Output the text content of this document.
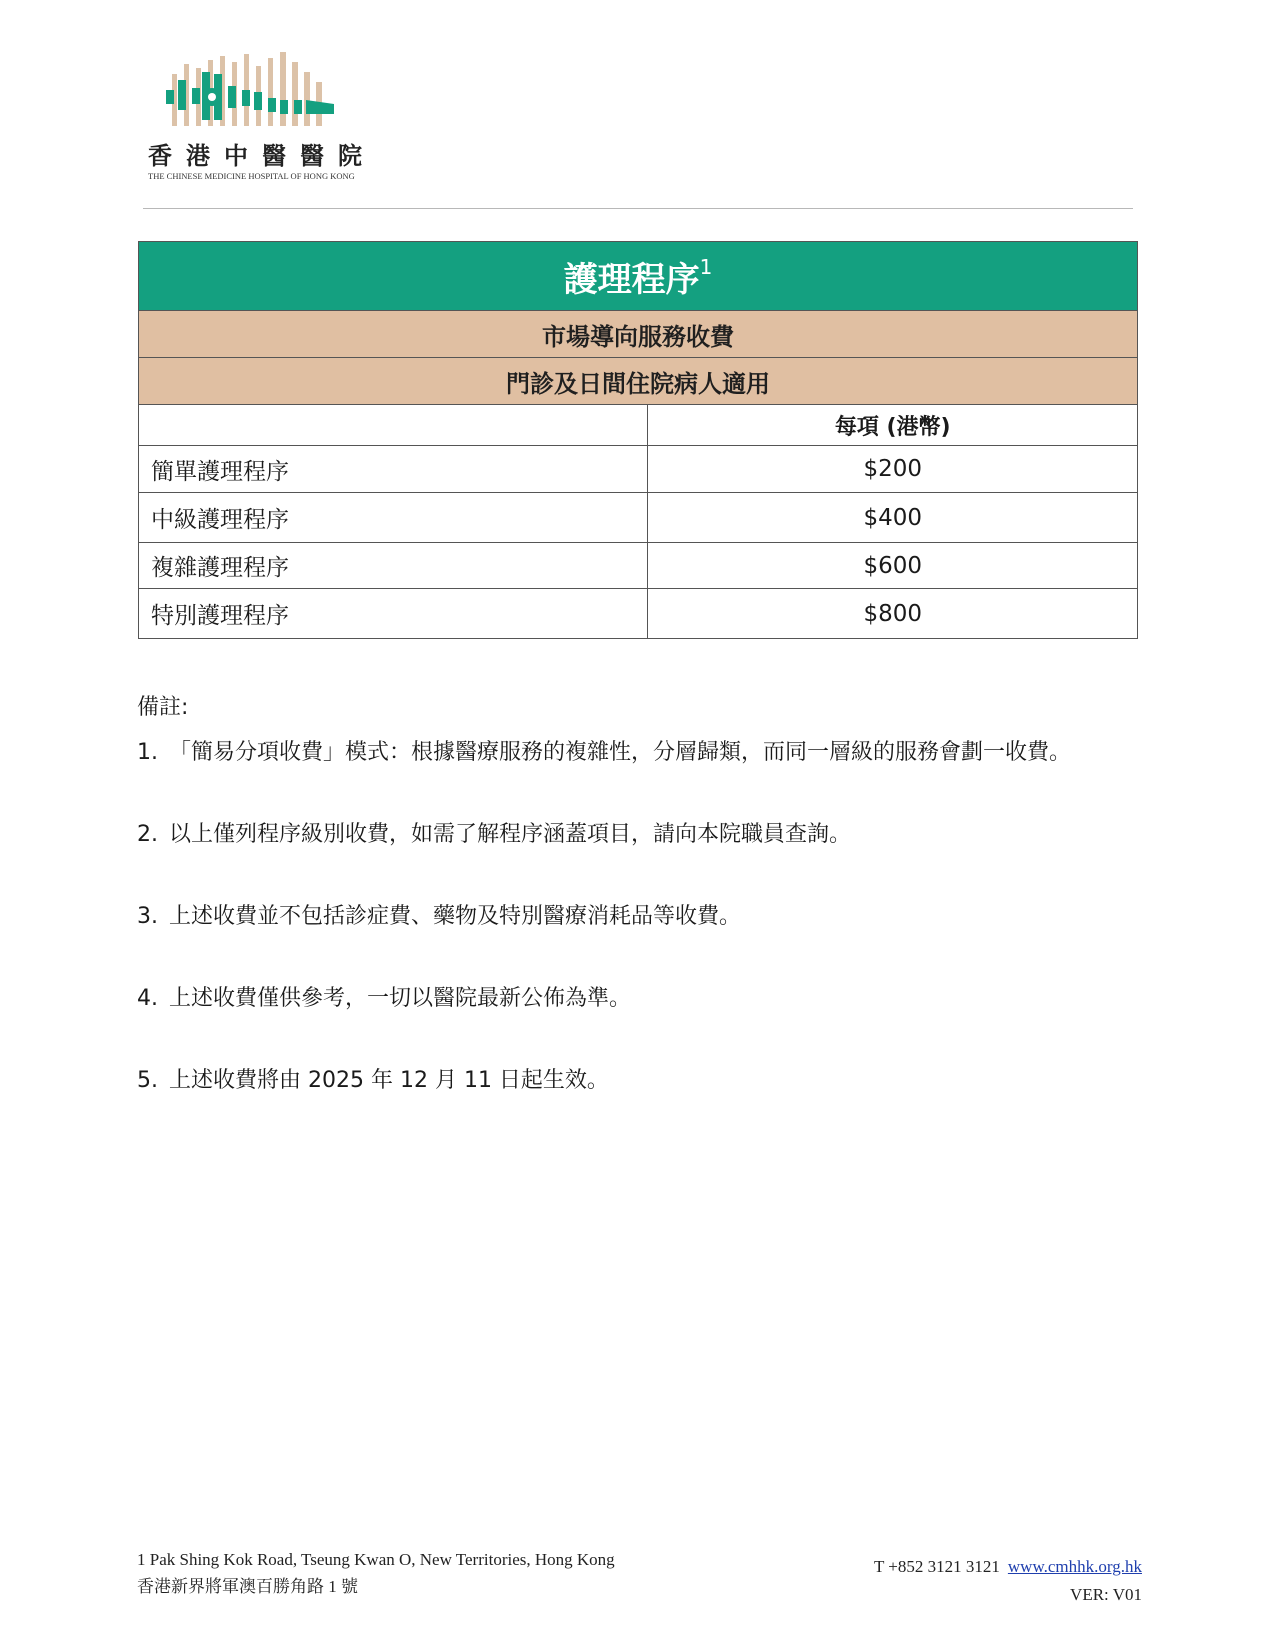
香港中醫醫院
THE CHINESE MEDICINE HOSPITAL OF HONG KONG
護理程序$^1$
市場導向服務收費	
門診及日間住院病人適用	
	每項 (港幣)
簡單護理程序	$200
中級護理程序	$400
複雜護理程序	$600
特別護理程序	$800
備註:
1. 「簡易分項收費」模式：根據醫療服務的複雜性，分層歸類，而同一層級的服務會劃一收費。
2. 以上僅列程序級別收費，如需了解程序涵蓋項目，請向本院職員查詢。
3. 上述收費並不包括診症費、藥物及特別醫療消耗品等收費。
4. 上述收費僅供參考，一切以醫院最新公佈為準。
5. 上述收費將由 2025 年 12 月 11 日起生效。
1 Pak Shing Kok Road, Tseung Kwan O, New Territories, Hong Kong
香港新界將軍澳百勝角路 1 號
T +852 3121 3121 www.cmhhk.org.hk
VER: V01
